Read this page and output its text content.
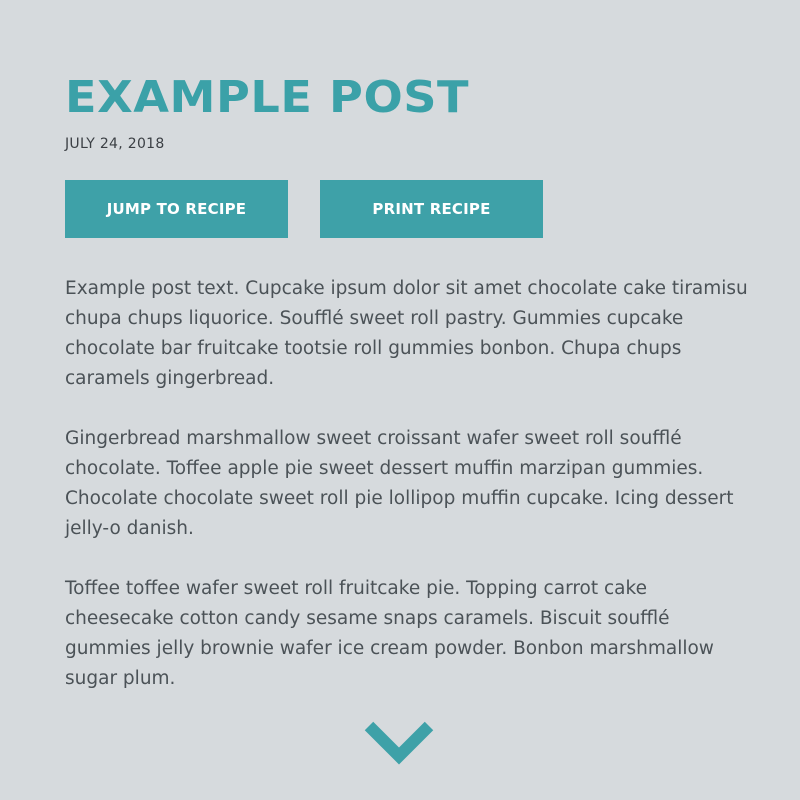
EXAMPLE POST
JULY 24, 2018
JUMP TO RECIPE	PRINT RECIPE

Example post text. Cupcake ipsum dolor sit amet chocolate cake tiramisu chupa chups liquorice. Soufflé sweet roll pastry. Gummies cupcake chocolate bar fruitcake tootsie roll gummies bonbon. Chupa chups caramels gingerbread.

Gingerbread marshmallow sweet croissant wafer sweet roll soufflé chocolate. Toffee apple pie sweet dessert muffin marzipan gummies. Chocolate chocolate sweet roll pie lollipop muffin cupcake. Icing dessert jelly-o danish.

Toffee toffee wafer sweet roll fruitcake pie. Topping carrot cake cheesecake cotton candy sesame snaps caramels. Biscuit soufflé gummies jelly brownie wafer ice cream powder. Bonbon marshmallow sugar plum.
